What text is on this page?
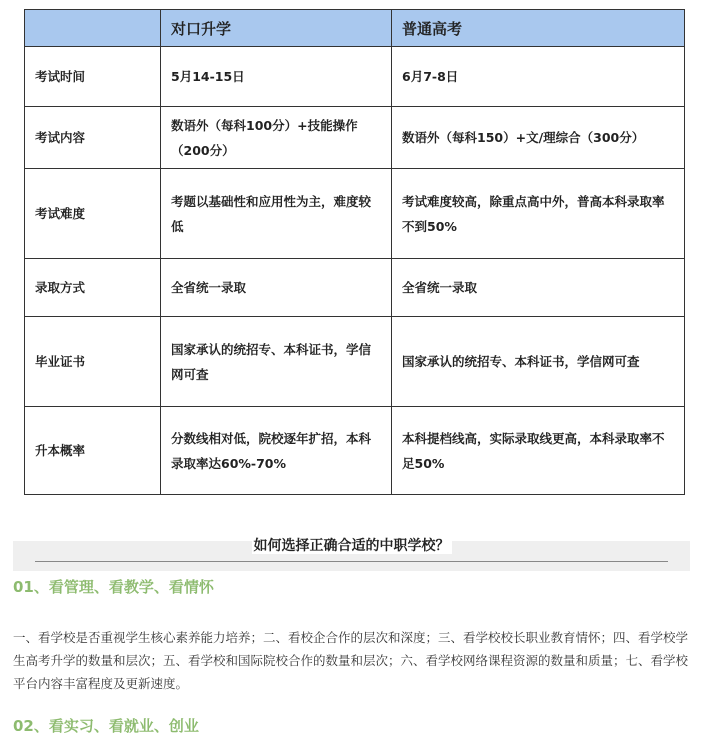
	对口升学	普通高考
考试时间	5月14-15日	6月7-8日
考试内容	数语外（每科100分）+技能操作（200分）	数语外（每科150）+文/理综合（300分）
考试难度	考题以基础性和应用性为主，难度较低	考试难度较高，除重点高中外，普高本科录取率不到50%
录取方式	全省统一录取	全省统一录取
毕业证书	国家承认的统招专、本科证书，学信网可查	国家承认的统招专、本科证书，学信网可查
升本概率	分数线相对低，院校逐年扩招，本科录取率达60%-70%	本科提档线高，实际录取线更高，本科录取率不足50%
如何选择正确合适的中职学校？
01、看管理、看教学、看情怀
一、看学校是否重视学生核心素养能力培养；二、看校企合作的层次和深度；三、看学校校长职业教育情怀；四、看学校学生高考升学的数量和层次；五、看学校和国际院校合作的数量和层次；六、看学校网络课程资源的数量和质量；七、看学校平台内容丰富程度及更新速度。
02、看实习、看就业、创业
